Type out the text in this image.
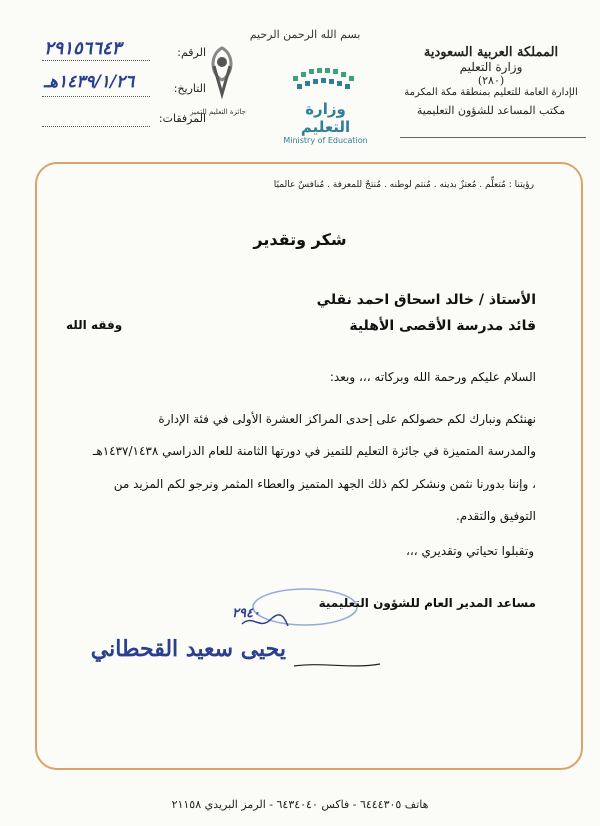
المملكة العربية السعودية
وزارة التعليم
(٢٨٠)
الإدارة العامة للتعليم بمنطقة مكة المكرمة
مكتب المساعد للشؤون التعليمية
بسم الله الرحمن الرحيم
وزارة التعليم
Ministry of Education
جائزة التعليم للتميز
الرقم:
٢٩١٥٦٦٤٣
التاريخ:
١٤٣٩/١/٢٦هـ
المرفقات:
رؤيتنا : مُتعلِّم . مُعتزٌ بدينه . مُنتم لوطنه . مُنتجٌ للمعرفة . مُنافسٌ عالميًا
شكر وتقدير
الأستاذ / خالد اسحاق احمد نقلي
قائد مدرسة الأقصى الأهلية
وفقه الله
السلام عليكم ورحمة الله وبركاته ،،، وبعد:
نهنئكم ونبارك لكم حصولكم على إحدى المراكز العشرة الأولى في فئة الإدارة
والمدرسة المتميزة في جائزة التعليم للتميز في دورتها الثامنة للعام الدراسي ١٤٣٧/١٤٣٨هـ
، وإننا بدورنا نثمن ونشكر لكم ذلك الجهد المتميز والعطاء المثمر ونرجو لكم المزيد من
التوفيق والتقدم.
وتقبلوا تحياتي وتقديري ،،،
مساعد المدير العام للشؤون التعليمية
٢٩٤٠
يحيى سعيد القحطاني
هاتف ٦٤٤٤٣٠٥ - فاكس ٦٤٣٤٠٤٠ - الرمز البريدي ٢١١٥٨
